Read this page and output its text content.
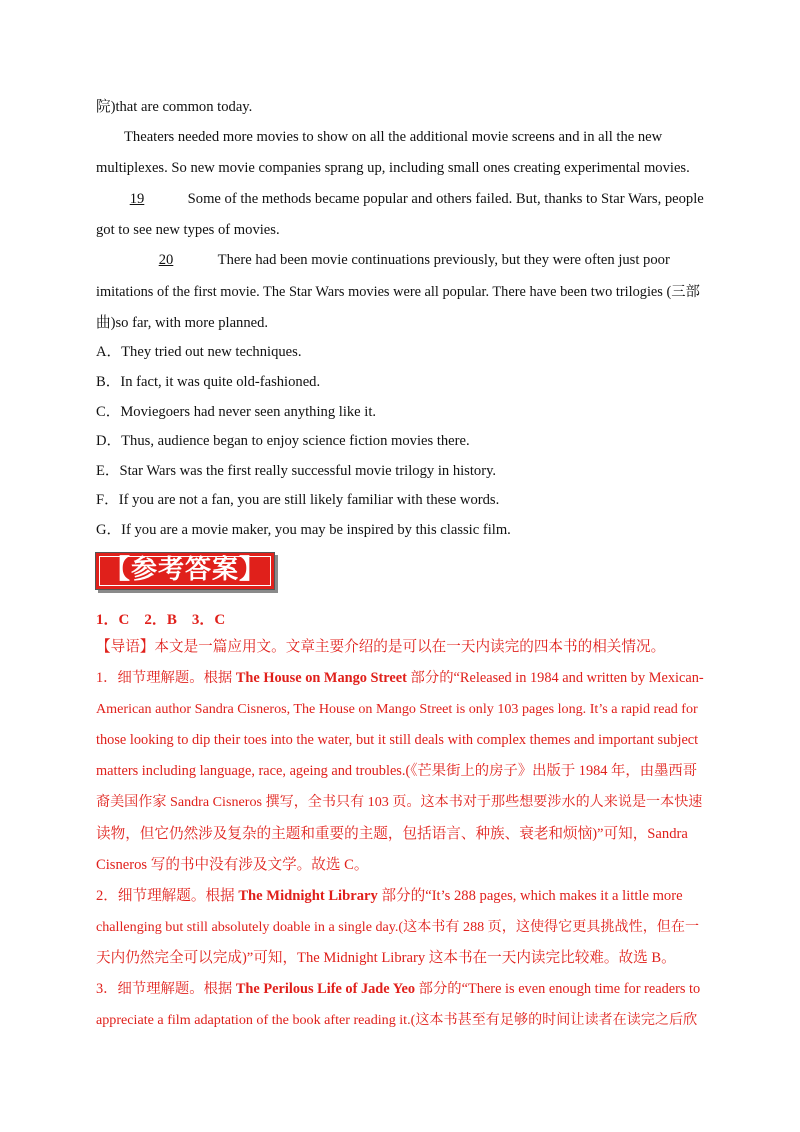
院)that are common today.
Theaters needed more movies to show on all the additional movie screens and in all the new
multiplexes. So new movie companies sprang up, including small ones creating experimental movies.
19	Some of the methods became popular and others failed. But, thanks to Star Wars, people
got to see new types of movies.
20	There had been movie continuations previously, but they were often just poor
imitations of the first movie. The Star Wars movies were all popular. There have been two trilogies (三部
曲)so far, with more planned.
A．They tried out new techniques.
B．In fact, it was quite old-fashioned.
C．Moviegoers had never seen anything like it.
D．Thus, audience began to enjoy science fiction movies there.
E．Star Wars was the first really successful movie trilogy in history.
F．If you are not a fan, you are still likely familiar with these words.
G．If you are a movie maker, you may be inspired by this classic film.
【参考答案】
1．C　2．B　3．C
【导语】本文是一篇应用文。文章主要介绍的是可以在一天内读完的四本书的相关情况。
1．细节理解题。根据 The House on Mango Street 部分的“Released in 1984 and written by Mexican-
American author Sandra Cisneros, The House on Mango Street is only 103 pages long. It’s a rapid read for
those looking to dip their toes into the water, but it still deals with complex themes and important subject
matters including language, race, ageing and troubles.(《芒果街上的房子》出版于 1984 年，由墨西哥
裔美国作家 Sandra Cisneros 撰写，全书只有 103 页。这本书对于那些想要涉水的人来说是一本快速
读物，但它仍然涉及复杂的主题和重要的主题，包括语言、种族、衰老和烦恼)”可知，Sandra
Cisneros 写的书中没有涉及文学。故选 C。
2．细节理解题。根据 The Midnight Library 部分的“It’s 288 pages, which makes it a little more
challenging but still absolutely doable in a single day.(这本书有 288 页，这使得它更具挑战性，但在一
天内仍然完全可以完成)”可知，The Midnight Library 这本书在一天内读完比较难。故选 B。
3．细节理解题。根据 The Perilous Life of Jade Yeo 部分的“There is even enough time for readers to
appreciate a film adaptation of the book after reading it.(这本书甚至有足够的时间让读者在读完之后欣
